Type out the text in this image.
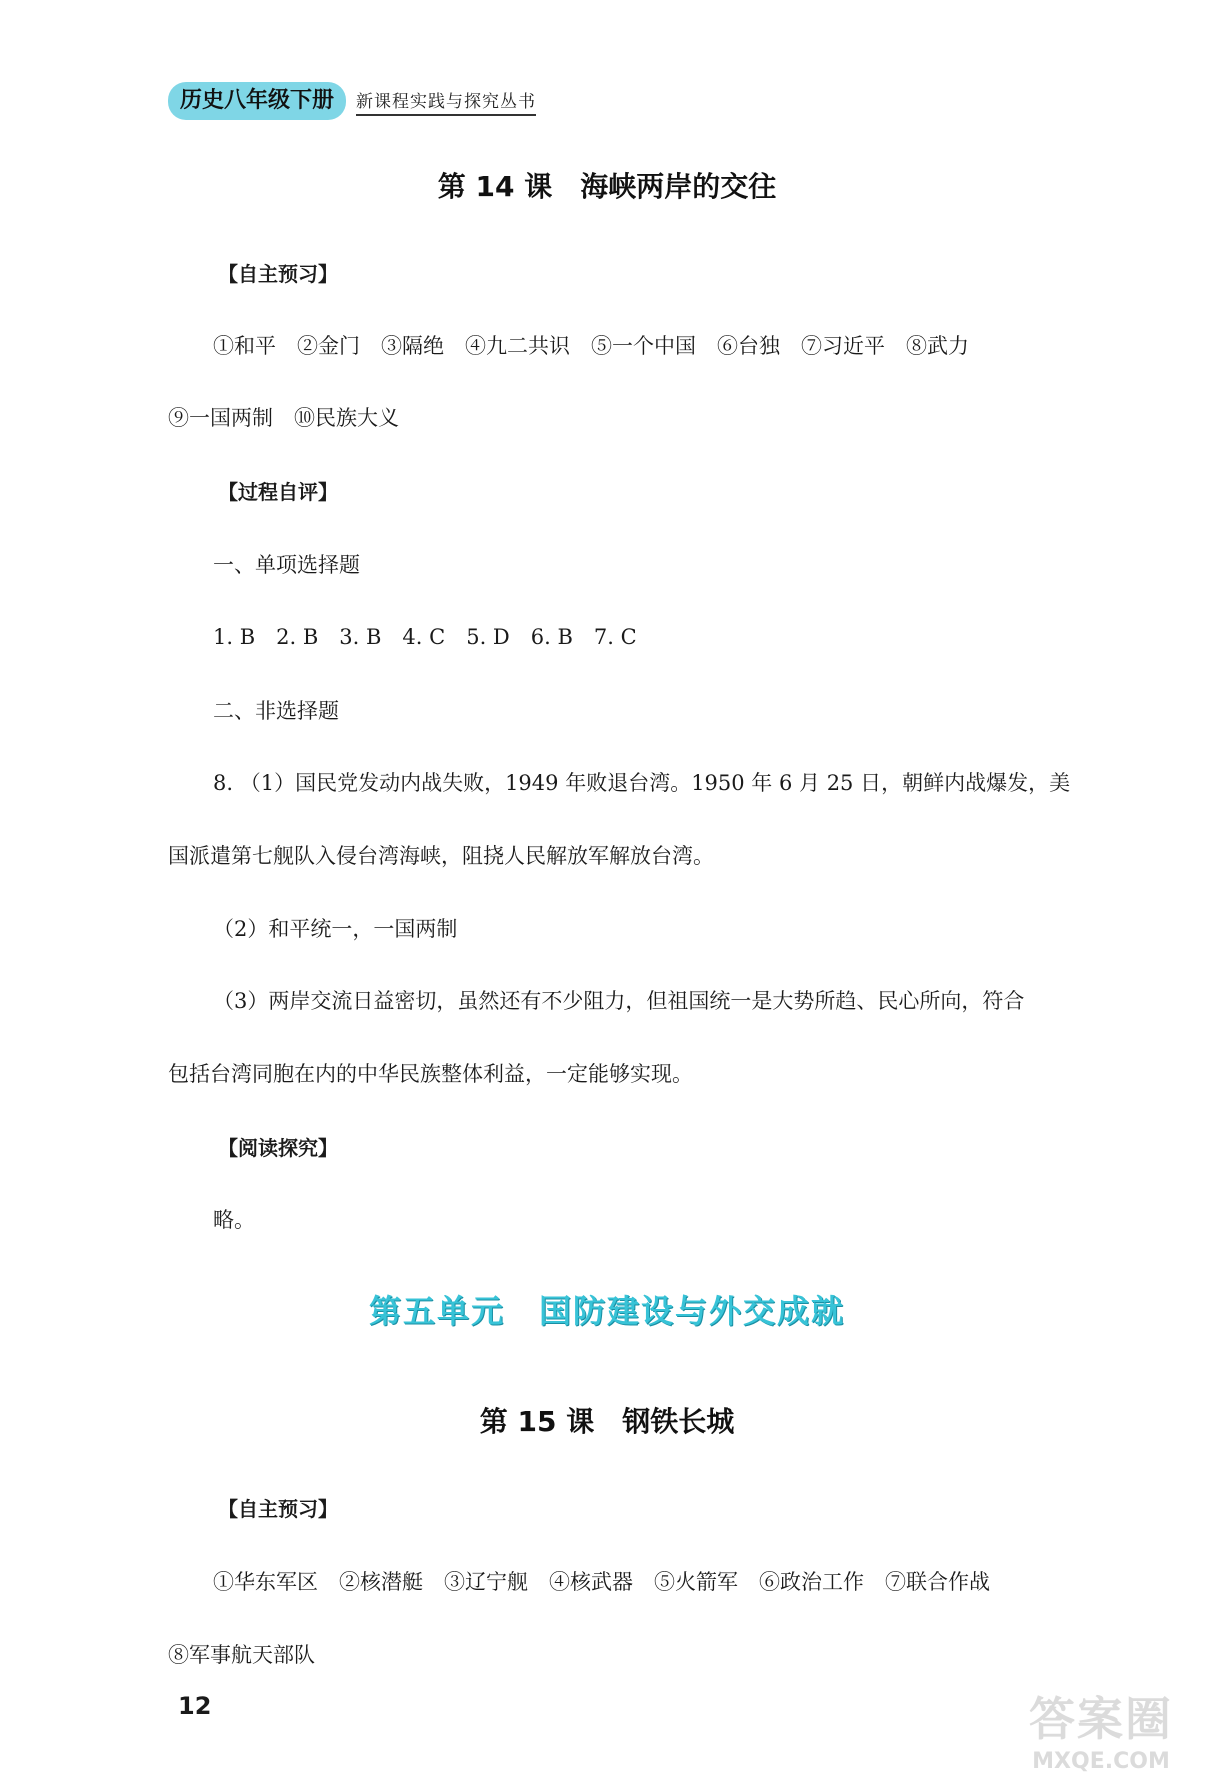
历史八年级下册	新课程实践与探究丛书
第 14 课　海峡两岸的交往
【自主预习】
①和平　②金门　③隔绝　④九二共识　⑤一个中国　⑥台独　⑦习近平　⑧武力
⑨一国两制　⑩民族大义
【过程自评】
一、单项选择题
1. B　2. B　3. B　4. C　5. D　6. B　7. C
二、非选择题
8. （1）国民党发动内战失败，1949 年败退台湾。1950 年 6 月 25 日，朝鲜内战爆发，美
国派遣第七舰队入侵台湾海峡，阻挠人民解放军解放台湾。
（2）和平统一，一国两制
（3）两岸交流日益密切，虽然还有不少阻力，但祖国统一是大势所趋、民心所向，符合
包括台湾同胞在内的中华民族整体利益，一定能够实现。
【阅读探究】
略。
第五单元　国防建设与外交成就
第 15 课　钢铁长城
【自主预习】
①华东军区　②核潜艇　③辽宁舰　④核武器　⑤火箭军　⑥政治工作　⑦联合作战
⑧军事航天部队
12	答案圈
MXQE.COM
